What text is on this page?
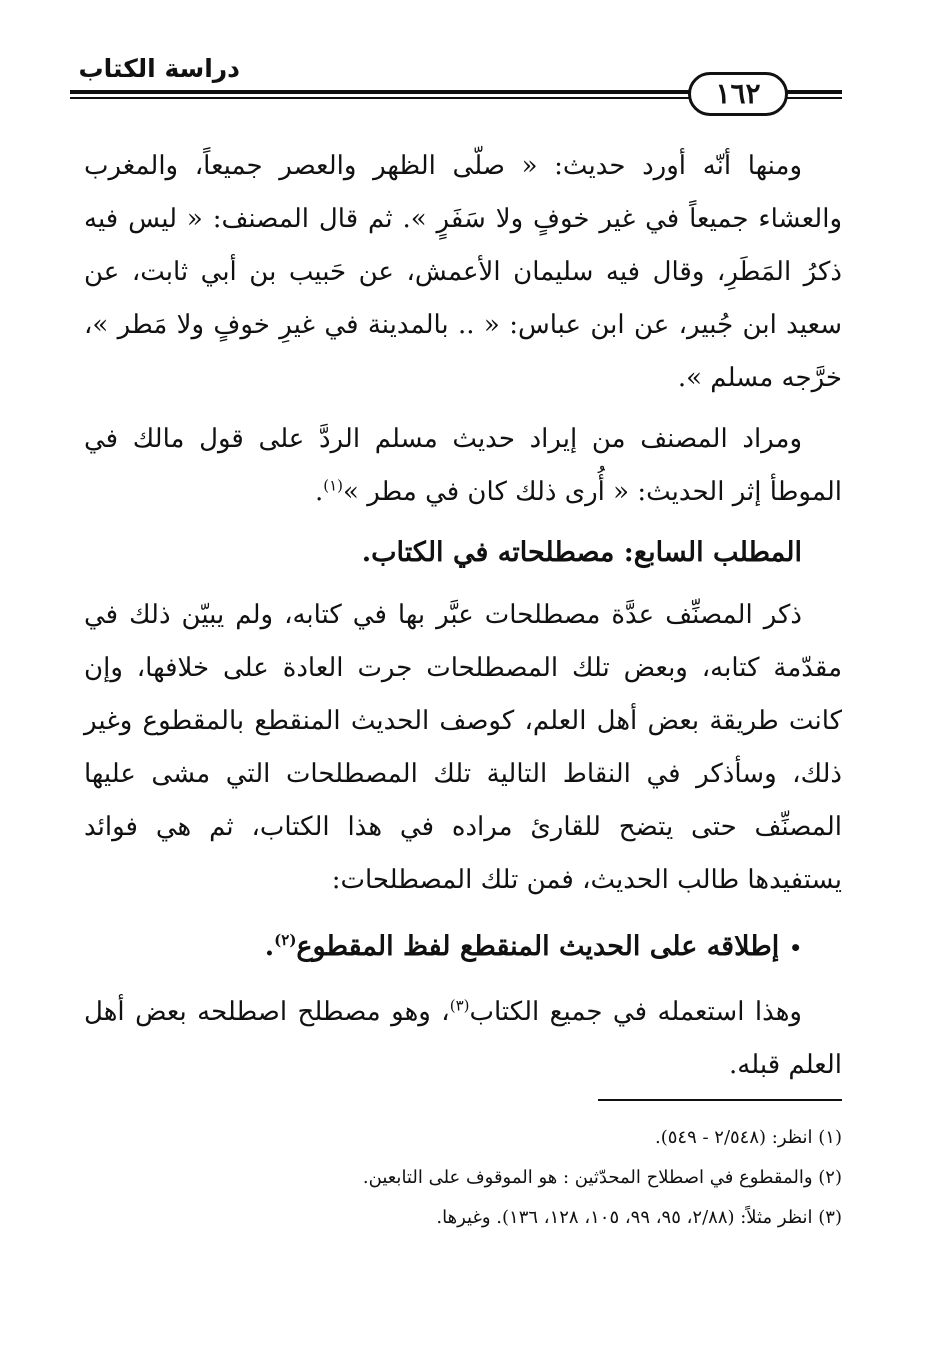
دراسة الكتاب
١٦٢

ومنها أنّه أورد حديث: « صلّى الظهر والعصر جميعاً، والمغرب والعشاء جميعاً في غير خوفٍ ولا سَفَرٍ ». ثم قال المصنف: « ليس فيه ذكرُ المَطَرِ، وقال فيه سليمان الأعمش، عن حَبيب بن أبي ثابت، عن سعيد ابن جُبير، عن ابن عباس: « .. بالمدينة في غيرِ خوفٍ ولا مَطر »، خرَّجه مسلم ».

ومراد المصنف من إيراد حديث مسلم الردَّ على قول مالك في الموطأ إثر الحديث: « أُرى ذلك كان في مطر »$^{(١)}$.

المطلب السابع: مصطلحاته في الكتاب.

ذكر المصنِّف عدَّة مصطلحات عبَّر بها في كتابه، ولم يبيّن ذلك في مقدّمة كتابه، وبعض تلك المصطلحات جرت العادة على خلافها، وإن كانت طريقة بعض أهل العلم، كوصف الحديث المنقطع بالمقطوع وغير ذلك، وسأذكر في النقاط التالية تلك المصطلحات التي مشى عليها المصنِّف حتى يتضح للقارئ مراده في هذا الكتاب، ثم هي فوائد يستفيدها طالب الحديث، فمن تلك المصطلحات:

•إطلاقه على الحديث المنقطع لفظ المقطوع$^{(٢)}$.

وهذا استعمله في جميع الكتاب$^{(٣)}$، وهو مصطلح اصطلحه بعض أهل العلم قبله.

(١) انظر: (٢/٥٤٨ - ٥٤٩).

(٢) والمقطوع في اصطلاح المحدّثين : هو الموقوف على التابعين.

(٣) انظر مثلاً: (٢/٨٨، ٩٥، ٩٩، ١٠٥، ١٢٨، ١٣٦). وغيرها.
